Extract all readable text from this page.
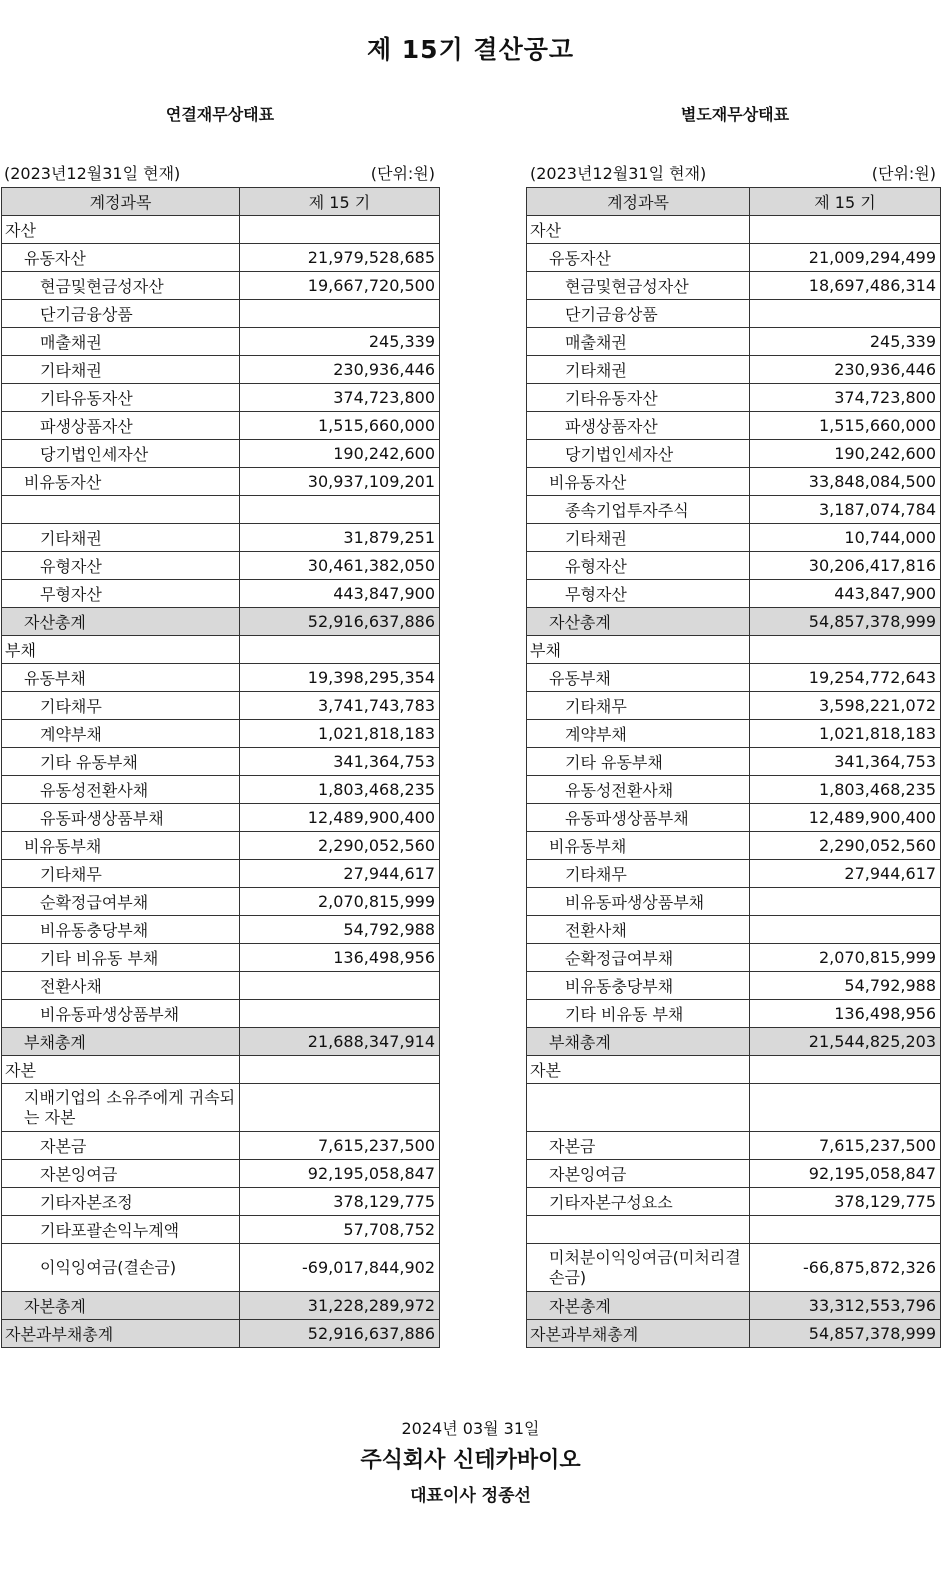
제 15기 결산공고
연결재무상태표	별도재무상태표
(2023년12월31일 현재)	(단위:원)	(2023년12월31일 현재)	(단위:원)
계정과목	제 15 기
자산	
유동자산	21,979,528,685
현금및현금성자산	19,667,720,500
단기금융상품	
매출채권	245,339
기타채권	230,936,446
기타유동자산	374,723,800
파생상품자산	1,515,660,000
당기법인세자산	190,242,600
비유동자산	30,937,109,201

기타채권	31,879,251
유형자산	30,461,382,050
무형자산	443,847,900
자산총계	52,916,637,886
부채	
유동부채	19,398,295,354
기타채무	3,741,743,783
계약부채	1,021,818,183
기타 유동부채	341,364,753
유동성전환사채	1,803,468,235
유동파생상품부채	12,489,900,400
비유동부채	2,290,052,560
기타채무	27,944,617
순확정급여부채	2,070,815,999
비유동충당부채	54,792,988
기타 비유동 부채	136,498,956
전환사채	
비유동파생상품부채	
부채총계	21,688,347,914
자본	
지배기업의 소유주에게 귀속되는 자본	
자본금	7,615,237,500
자본잉여금	92,195,058,847
기타자본조정	378,129,775
기타포괄손익누계액	57,708,752
이익잉여금(결손금)	-69,017,844,902
자본총계	31,228,289,972
자본과부채총계	52,916,637,886
계정과목	제 15 기
자산	
유동자산	21,009,294,499
현금및현금성자산	18,697,486,314
단기금융상품	
매출채권	245,339
기타채권	230,936,446
기타유동자산	374,723,800
파생상품자산	1,515,660,000
당기법인세자산	190,242,600
비유동자산	33,848,084,500
종속기업투자주식	3,187,074,784
기타채권	10,744,000
유형자산	30,206,417,816
무형자산	443,847,900
자산총계	54,857,378,999
부채	
유동부채	19,254,772,643
기타채무	3,598,221,072
계약부채	1,021,818,183
기타 유동부채	341,364,753
유동성전환사채	1,803,468,235
유동파생상품부채	12,489,900,400
비유동부채	2,290,052,560
기타채무	27,944,617
비유동파생상품부채	
전환사채	
순확정급여부채	2,070,815,999
비유동충당부채	54,792,988
기타 비유동 부채	136,498,956
부채총계	21,544,825,203
자본	

자본금	7,615,237,500
자본잉여금	92,195,058,847
기타자본구성요소	378,129,775

미처분이익잉여금(미처리결손금)	-66,875,872,326
자본총계	33,312,553,796
자본과부채총계	54,857,378,999
2024년 03월 31일
주식회사 신테카바이오
대표이사 정종선
